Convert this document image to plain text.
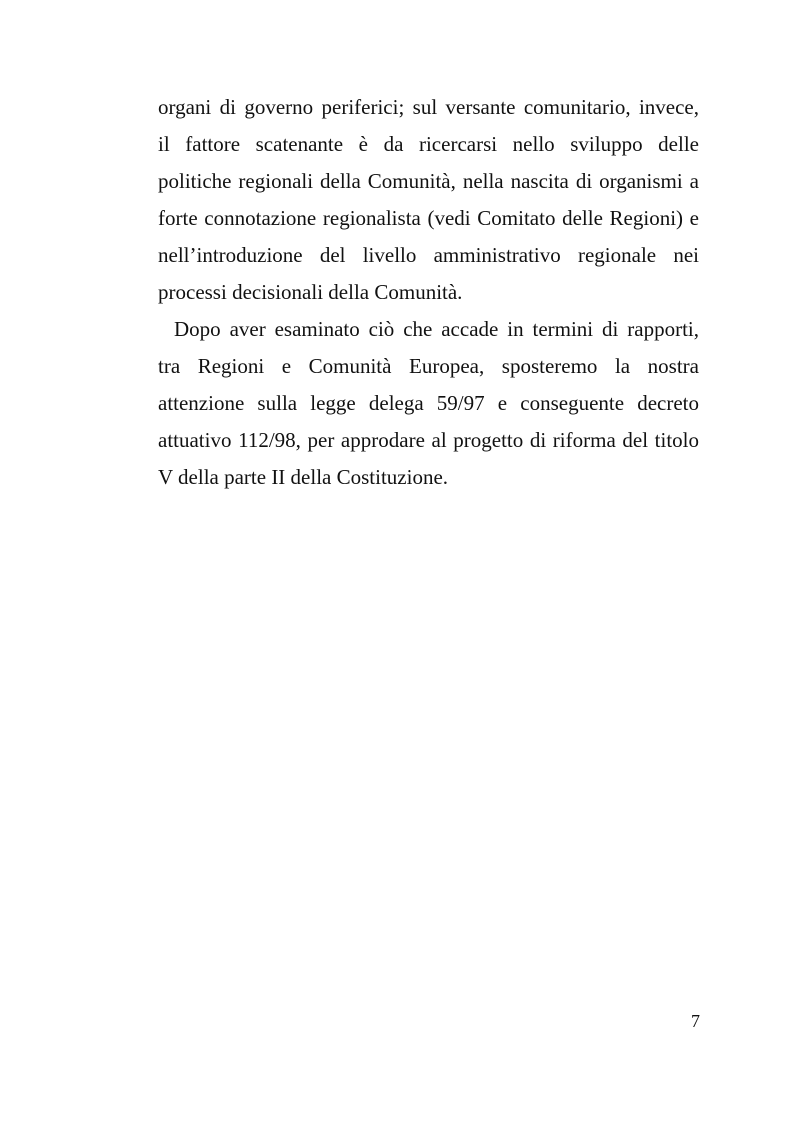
organi di governo periferici; sul versante comunitario, invece,
il fattore scatenante è da ricercarsi nello sviluppo delle
politiche regionali della Comunità, nella nascita di organismi a
forte connotazione regionalista (vedi Comitato delle Regioni) e
nell’introduzione del livello amministrativo regionale nei
processi decisionali della Comunità.
Dopo aver esaminato ciò che accade in termini di rapporti,
tra Regioni e Comunità Europea, sposteremo la nostra
attenzione sulla legge delega 59/97 e conseguente decreto
attuativo 112/98, per approdare al progetto di riforma del titolo
V della parte II della Costituzione.
7
